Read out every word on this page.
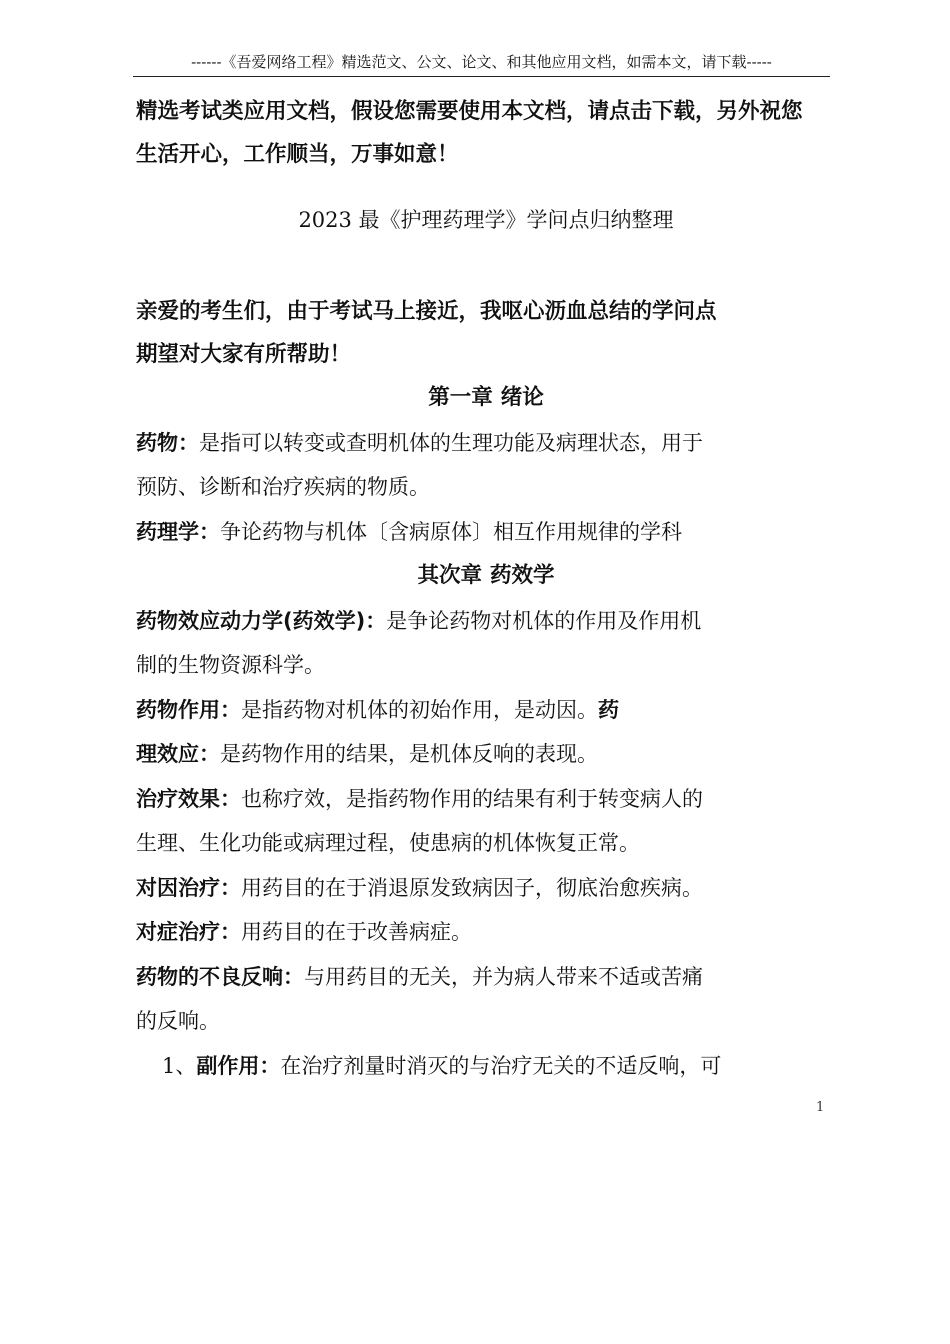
------《吾爱网络工程》精选范文、公文、论文、和其他应用文档，如需本文，请下载-----
精选考试类应用文档，假设您需要使用本文档，请点击下载，另外祝您
生活开心，工作顺当，万事如意！
2023 最《护理药理学》学问点归纳整理
亲爱的考生们，由于考试马上接近，我呕心沥血总结的学问点
期望对大家有所帮助！
第一章 绪论

药物：是指可以转变或查明机体的生理功能及病理状态，用于
预防、诊断和治疗疾病的物质。

药理学：争论药物与机体〔含病原体〕相互作用规律的学科

其次章 药效学

药物效应动力学(药效学)：是争论药物对机体的作用及作用机
制的生物资源科学。

药物作用：是指药物对机体的初始作用，是动因。药
理效应：是药物作用的结果，是机体反响的表现。

治疗效果：也称疗效，是指药物作用的结果有利于转变病人的
生理、生化功能或病理过程，使患病的机体恢复正常。

对因治疗：用药目的在于消退原发致病因子，彻底治愈疾病。

对症治疗：用药目的在于改善病症。

药物的不良反响：与用药目的无关，并为病人带来不适或苦痛
的反响。

1、副作用：在治疗剂量时消灭的与治疗无关的不适反响，可

1
